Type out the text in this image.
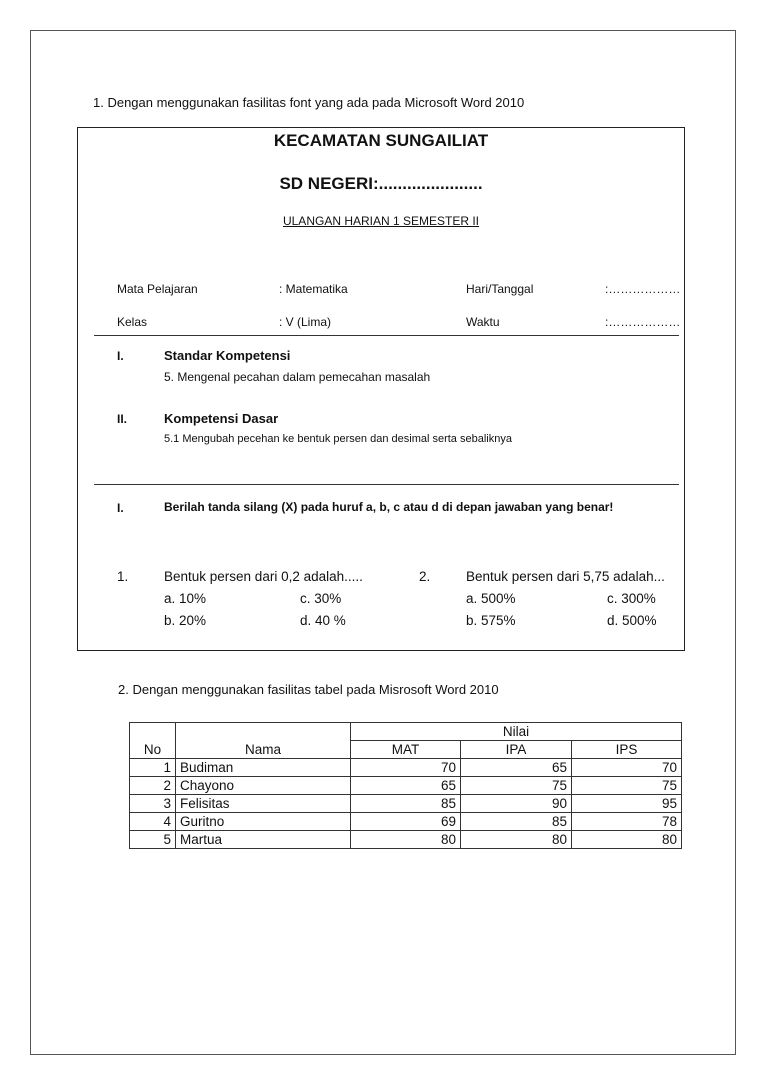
1. Dengan menggunakan fasilitas font yang ada pada Microsoft Word 2010
KECAMATAN SUNGAILIAT
SD NEGERI:......................
ULANGAN HARIAN 1 SEMESTER II
Mata Pelajaran	: Matematika	Hari/Tanggal	:………………
Kelas	: V (Lima)	Waktu	:………………
I.	Standar Kompetensi
5. Mengenal pecahan dalam pemecahan masalah
II.	Kompetensi Dasar
5.1 Mengubah pecehan ke bentuk persen dan desimal serta sebaliknya
I.	Berilah tanda silang (X) pada huruf a, b, c atau d di depan jawaban yang benar!
1.	Bentuk persen dari 0,2 adalah.....
a. 10%	c. 30%
b. 20%	d. 40 %
2.	Bentuk persen dari 5,75 adalah...
a. 500%	c. 300%
b. 575%	d. 500%
2. Dengan menggunakan fasilitas tabel pada Misrosoft Word 2010
No	Nama	Nilai		
		MAT	IPA	IPS
1	Budiman	70	65	70
2	Chayono	65	75	75
3	Felisitas	85	90	95
4	Guritno	69	85	78
5	Martua	80	80	80
